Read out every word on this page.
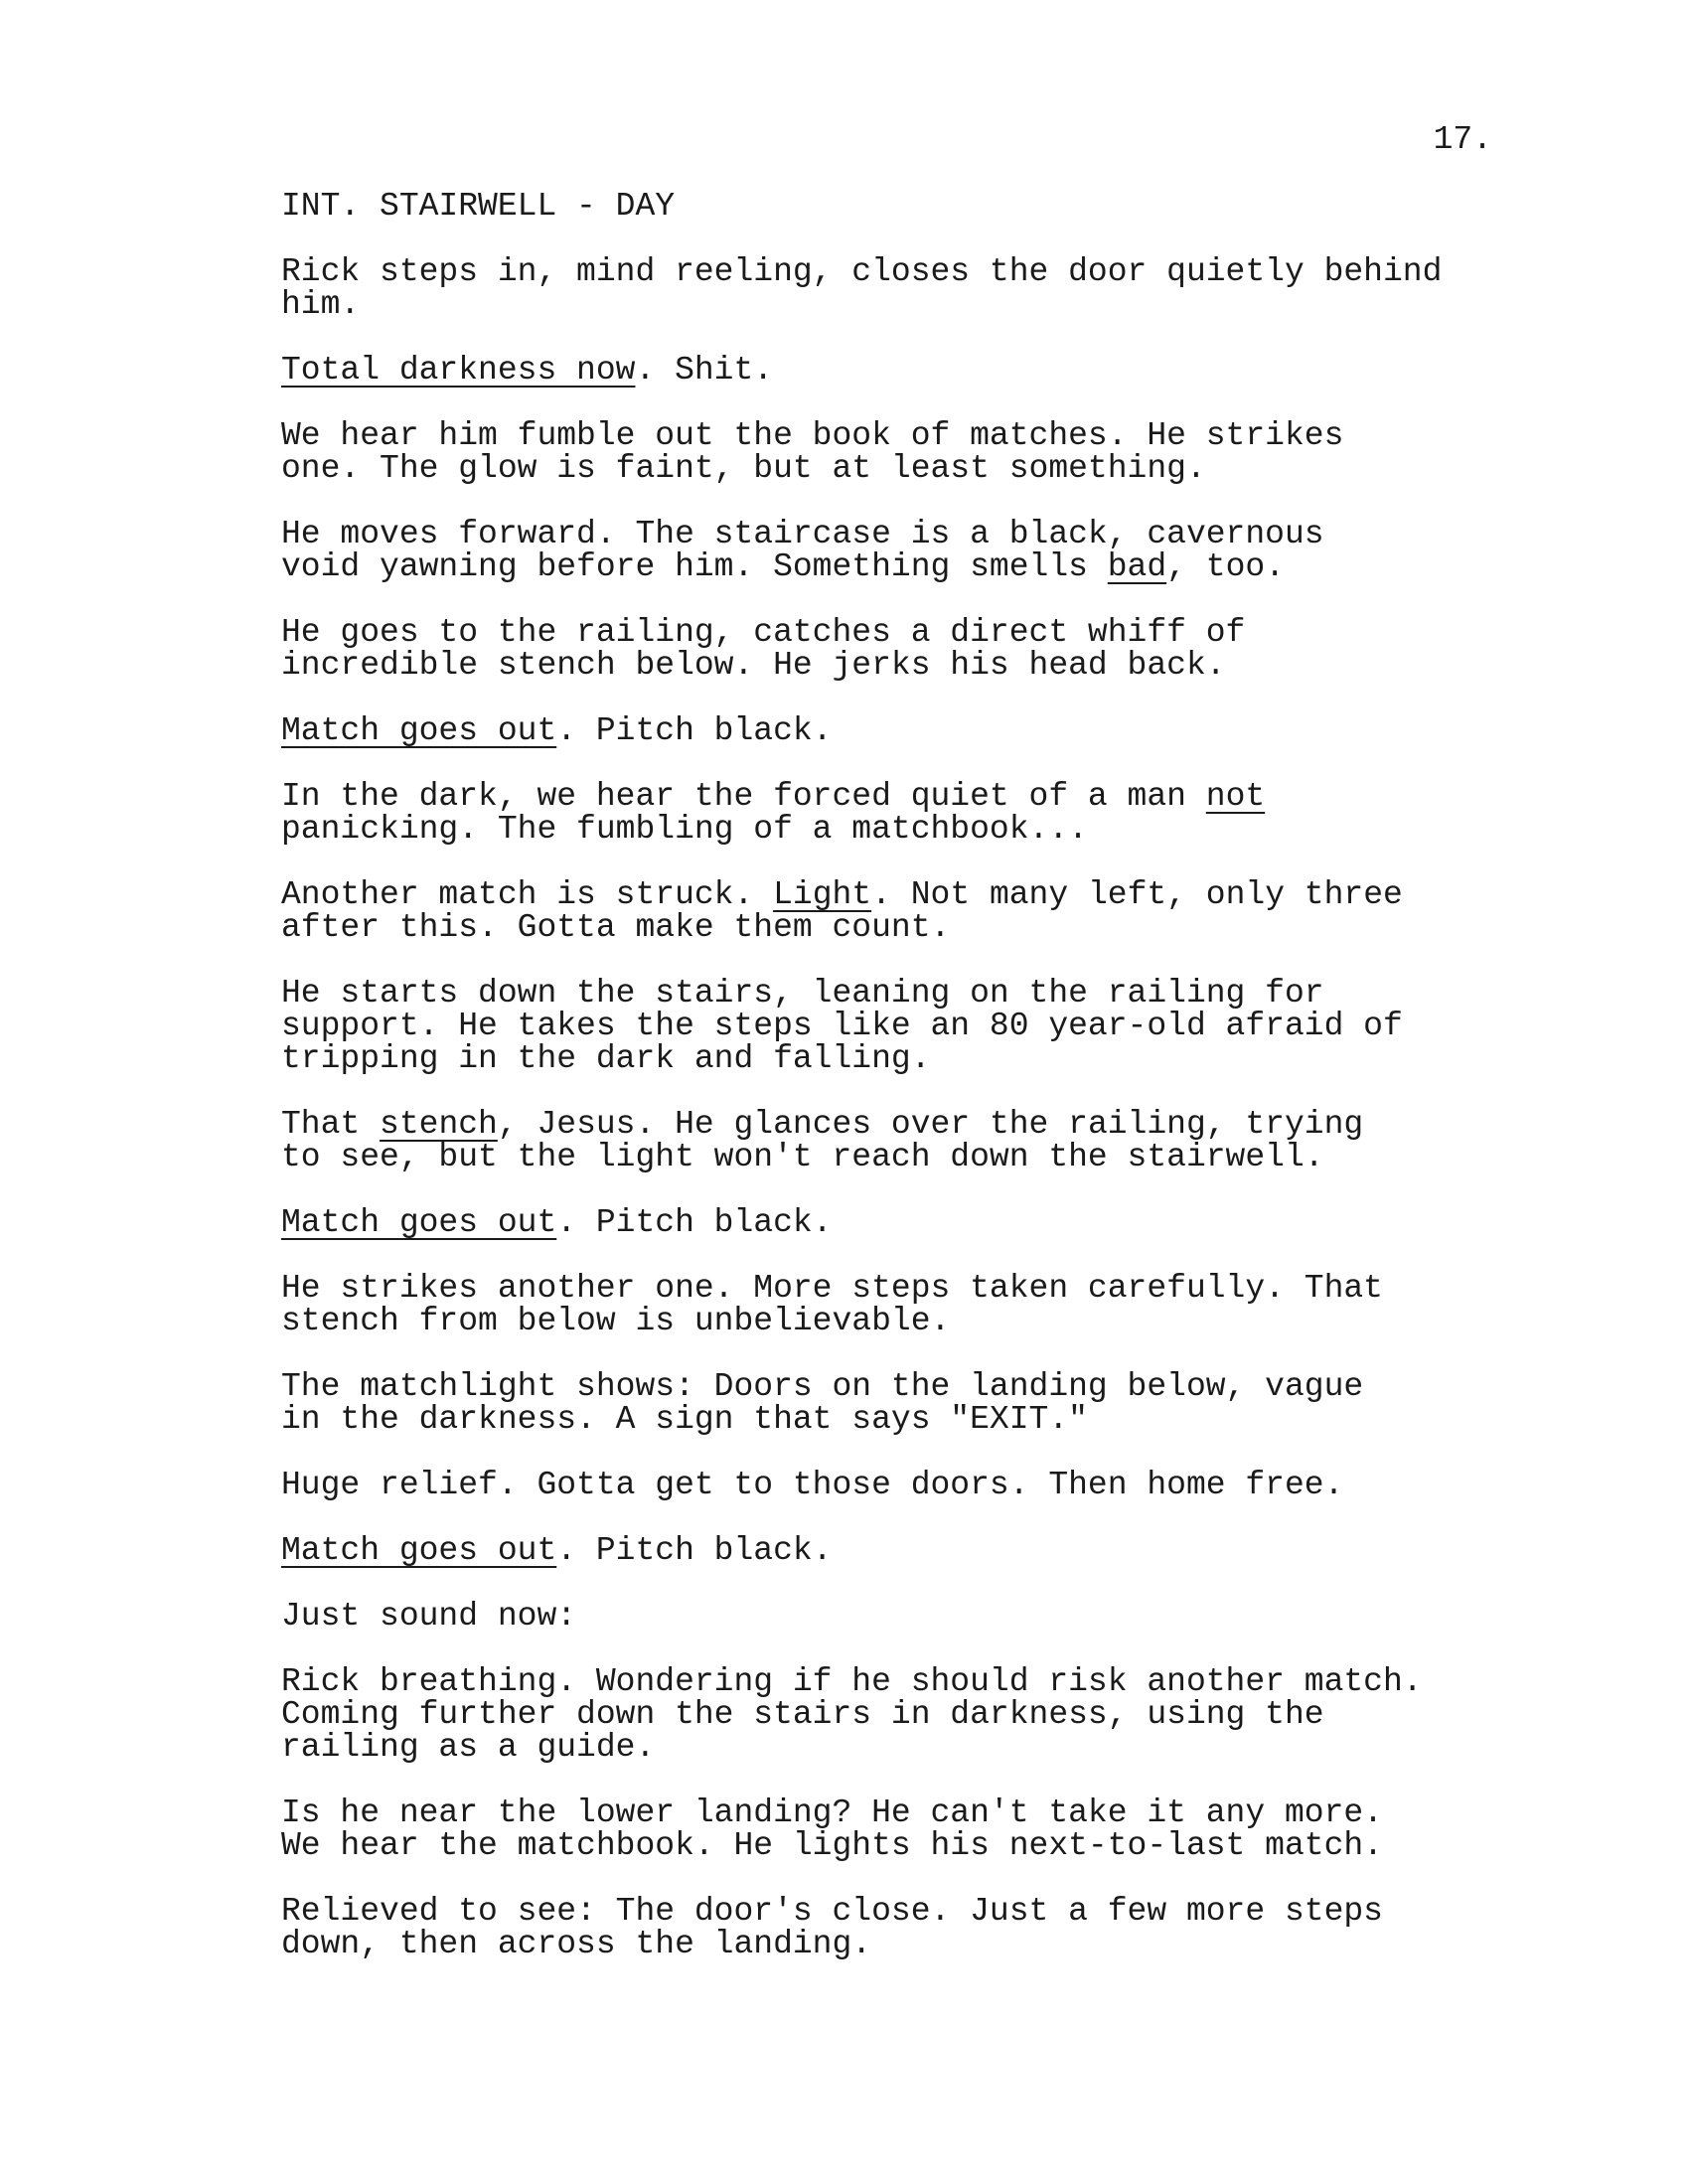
17.

INT. STAIRWELL - DAY

Rick steps in, mind reeling, closes the door quietly behind
him.

Total darkness now. Shit.

We hear him fumble out the book of matches. He strikes
one. The glow is faint, but at least something.

He moves forward. The staircase is a black, cavernous
void yawning before him. Something smells bad, too.

He goes to the railing, catches a direct whiff of
incredible stench below. He jerks his head back.

Match goes out. Pitch black.

In the dark, we hear the forced quiet of a man not
panicking. The fumbling of a matchbook...

Another match is struck. Light. Not many left, only three
after this. Gotta make them count.

He starts down the stairs, leaning on the railing for
support. He takes the steps like an 80 year-old afraid of
tripping in the dark and falling.

That stench, Jesus. He glances over the railing, trying
to see, but the light won't reach down the stairwell.

Match goes out. Pitch black.

He strikes another one. More steps taken carefully. That
stench from below is unbelievable.

The matchlight shows: Doors on the landing below, vague
in the darkness. A sign that says "EXIT."

Huge relief. Gotta get to those doors. Then home free.

Match goes out. Pitch black.

Just sound now:

Rick breathing. Wondering if he should risk another match.
Coming further down the stairs in darkness, using the
railing as a guide.

Is he near the lower landing? He can't take it any more.
We hear the matchbook. He lights his next-to-last match.

Relieved to see: The door's close. Just a few more steps
down, then across the landing.
